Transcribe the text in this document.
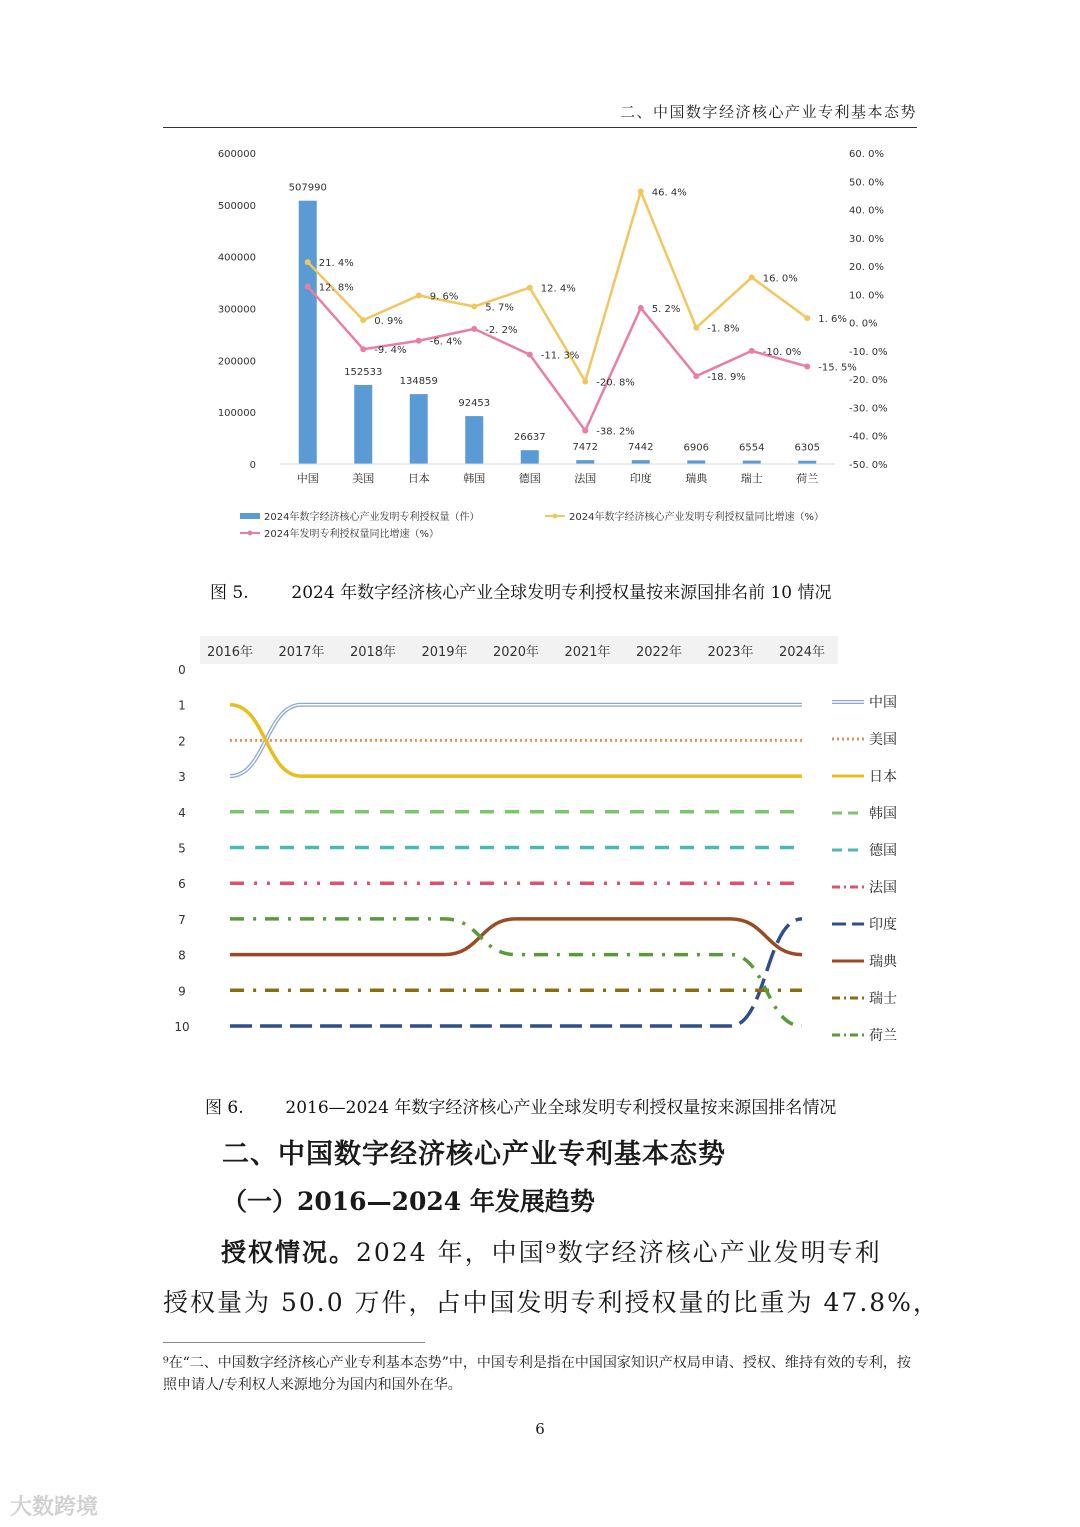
二、中国数字经济核心产业专利基本态势
507990
152533
134859
92453
26637
7472	7442	6906	6554	6305
21. 4%
0. 9%
9. 6%
5. 7%
12. 4%
-20. 8%
46. 4%
-1. 8%
16. 0%
1. 6%
12. 8%
-9. 4%
-6. 4%
-2. 2%
-11. 3%
-38. 2%
5. 2%
-18. 9%
-10. 0%
-15. 5%
600000
500000
400000
300000
200000
100000
0
60. 0%
50. 0%
40. 0%
30. 0%
20. 0%
10. 0%
0. 0%
-10. 0%
-20. 0%
-30. 0%
-40. 0%
-50. 0%
中国	美国	日本	韩国	德国	法国	印度	瑞典	瑞士	荷兰
2024年数字经济核心产业发明专利授权量（件）	2024年数字经济核心产业发明专利授权量同比增速（%）
2024年发明专利授权量同比增速（%）
图 5.	2024 年数字经济核心产业全球发明专利授权量按来源国排名前 10 情况
2016年 2017年 2018年 2019年 2020年 2021年 2022年 2023年 2024年
0
1
2
3
4
5
6
7
8
9
10
中国
美国
日本
韩国
德国
法国
印度
瑞典
瑞士
荷兰
图 6. 2016—2024 年数字经济核心产业全球发明专利授权量按来源国排名情况
二、中国数字经济核心产业专利基本态势
（一）2016—2024 年发展趋势
授权情况。2024 年，中国⁹数字经济核心产业发明专利
授权量为 50.0 万件，占中国发明专利授权量的比重为 47.8%，
⁹在“二、中国数字经济核心产业专利基本态势”中，中国专利是指在中国国家知识产权局申请、授权、维持有效的专利，按照申请人/专利权人来源地分为国内和国外在华。
6
大数跨境
